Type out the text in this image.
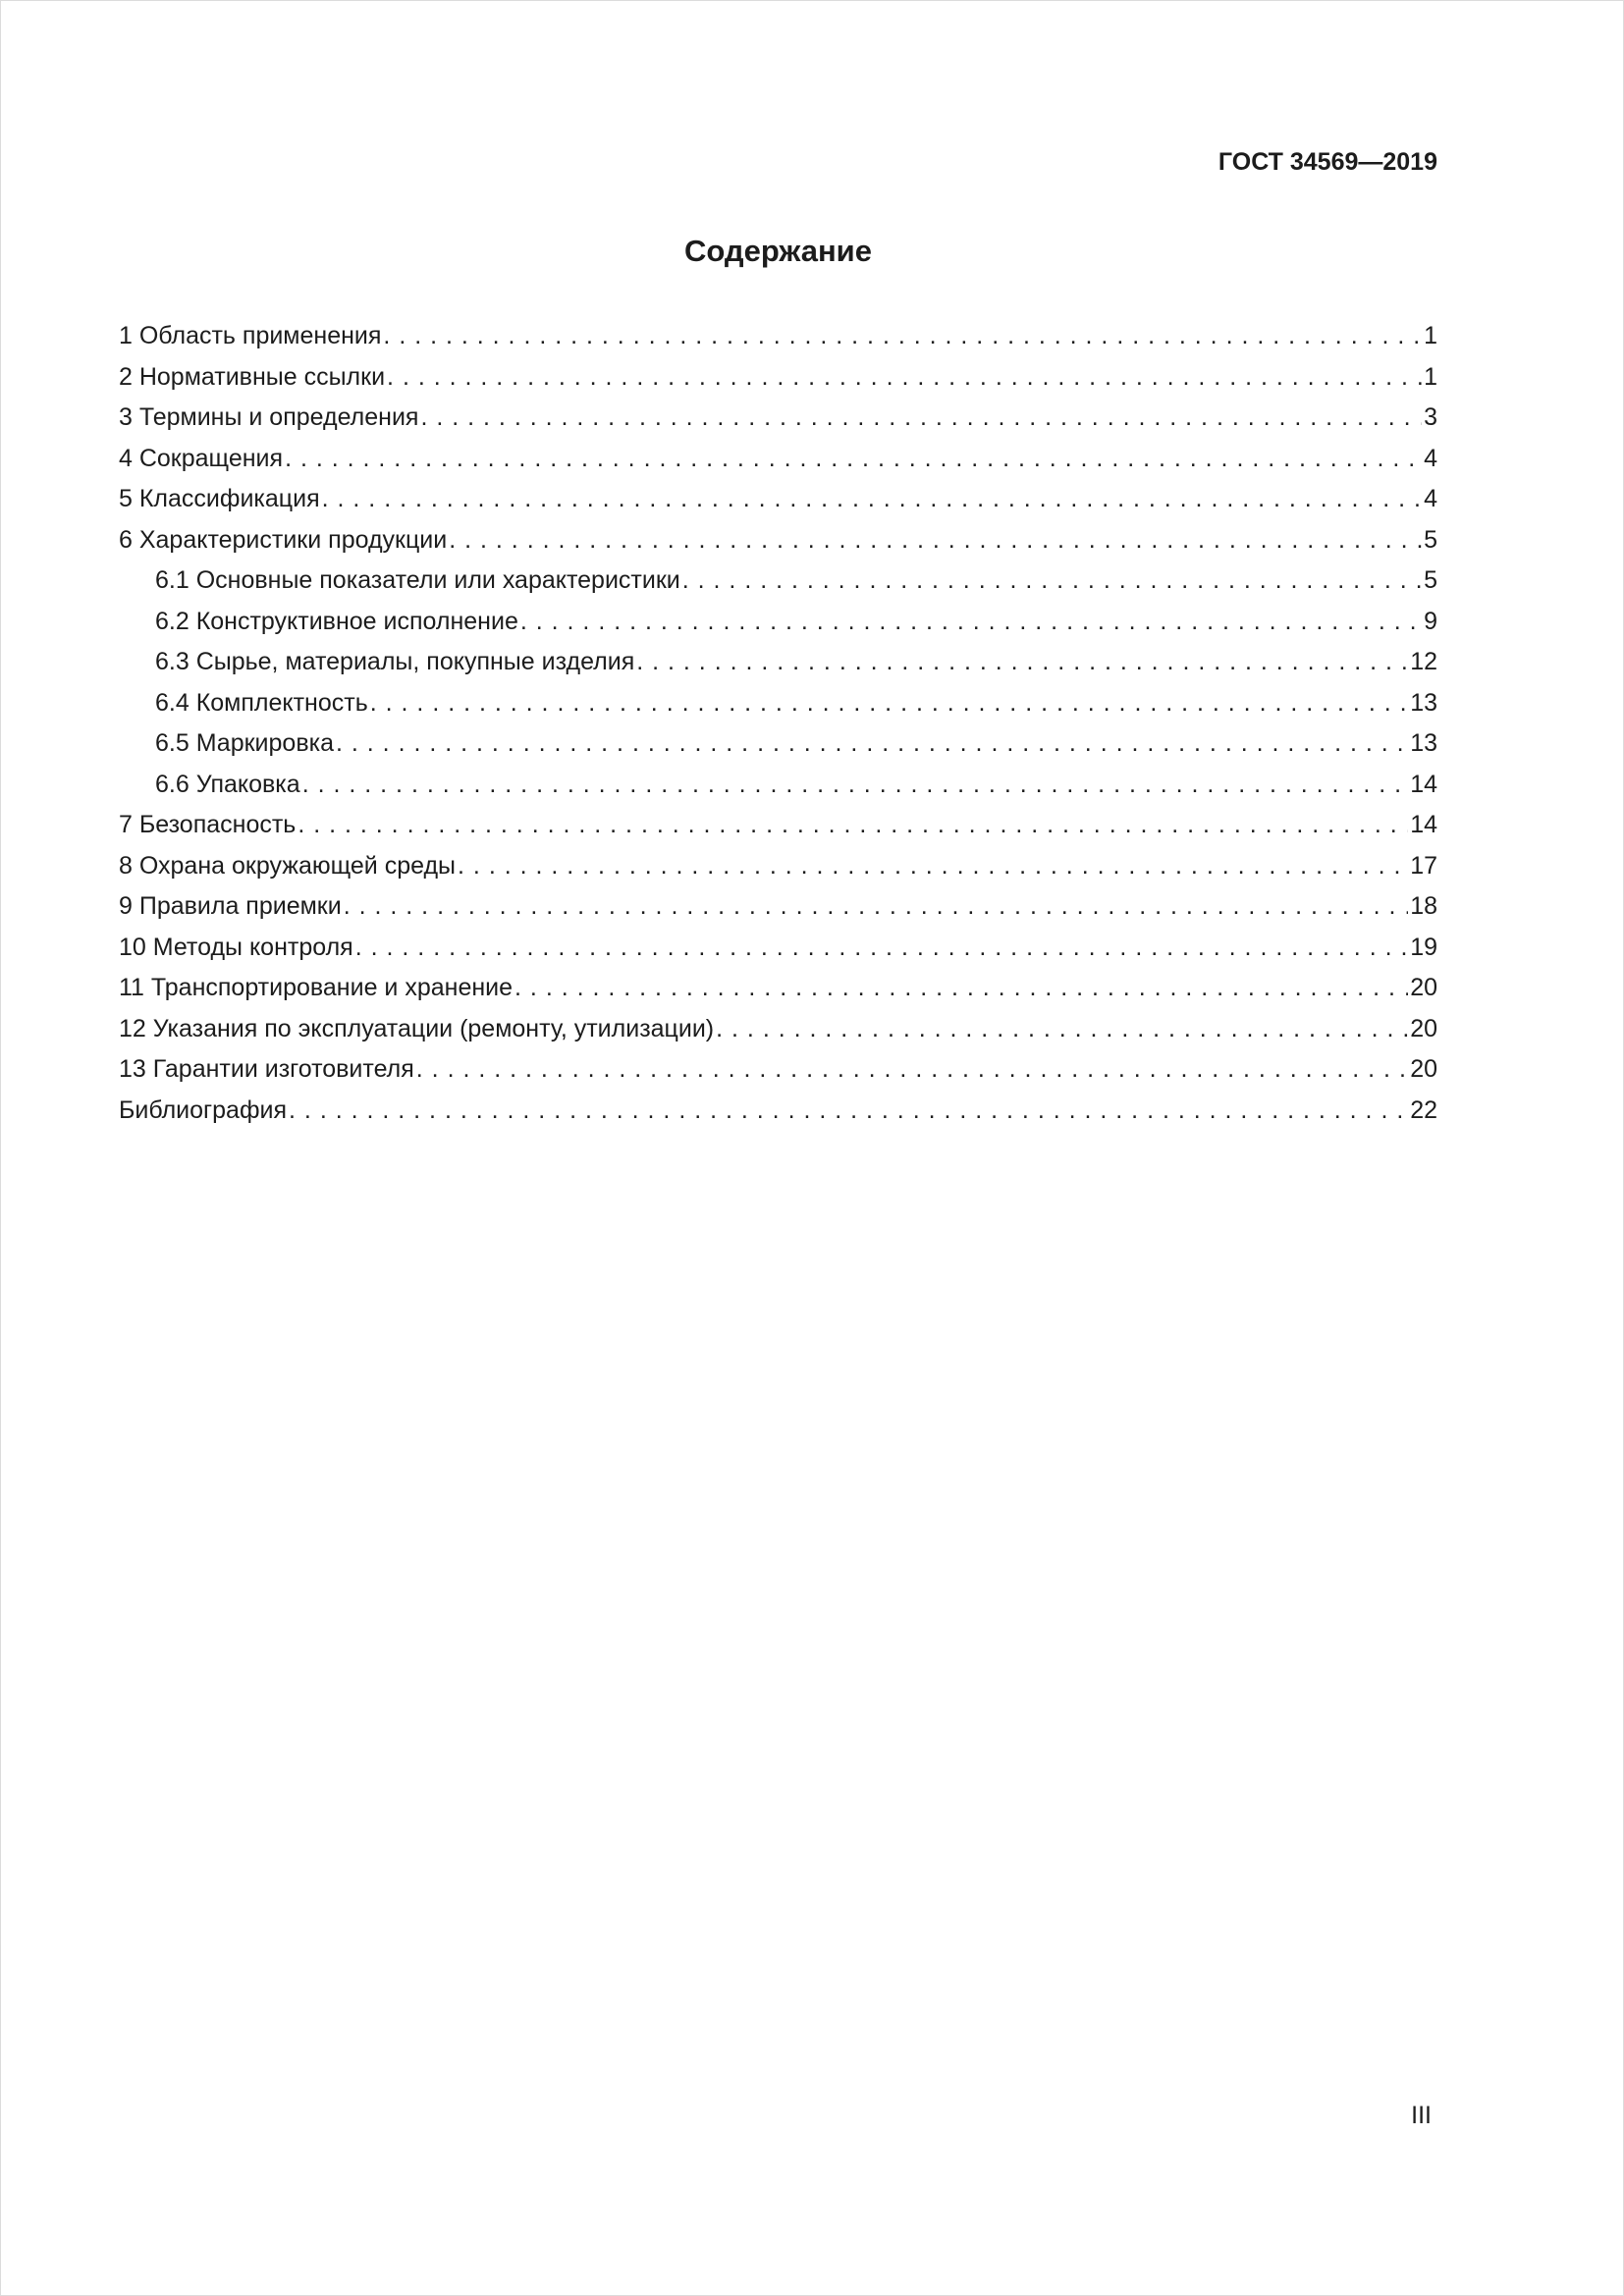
ГОСТ 34569—2019
Содержание
1 Область применения . . .	1
2 Нормативные ссылки . . .	1
3 Термины и определения . . .	3
4 Сокращения . . .	4
5 Классификация . . .	4
6 Характеристики продукции . . .	5
6.1 Основные показатели или характеристики . . .	5
6.2 Конструктивное исполнение . . .	9
6.3 Сырье, материалы, покупные изделия . . .	12
6.4 Комплектность . . .	13
6.5 Маркировка . . .	13
6.6 Упаковка . . .	14
7 Безопасность . . .	14
8 Охрана окружающей среды . . .	17
9 Правила приемки . . .	18
10 Методы контроля . . .	19
11 Транспортирование и хранение . . .	20
12 Указания по эксплуатации (ремонту, утилизации) . . .	20
13 Гарантии изготовителя . . .	20
Библиография . . .	22
III
